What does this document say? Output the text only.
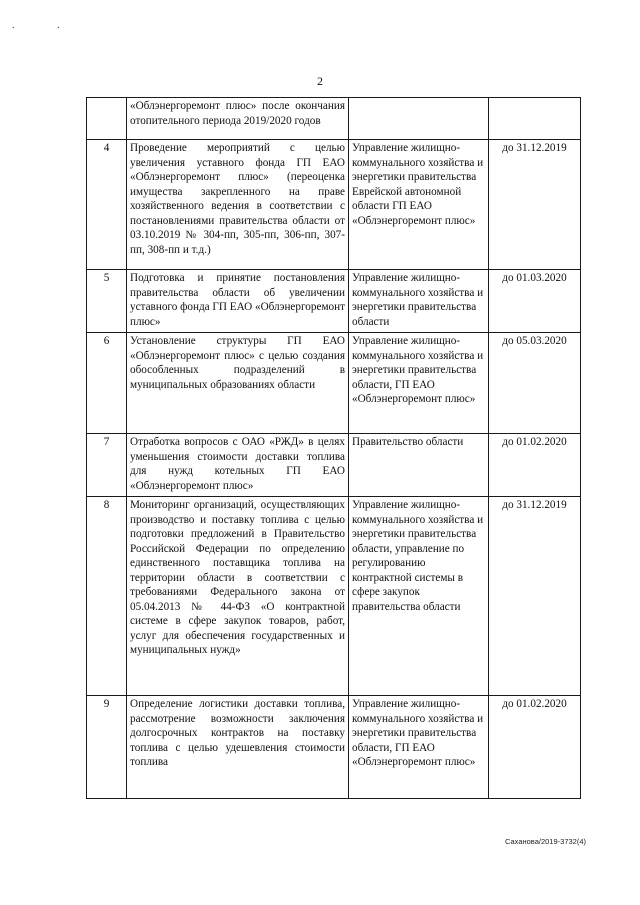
. .
2
	«Облэнергоремонт плюс» после окончания отопительного периода 2019/2020 годов		
4	Проведение мероприятий с целью увеличения уставного фонда ГП ЕАО «Облэнергоремонт плюс» (переоценка имущества закрепленного на праве хозяйственного ведения в соответствии с постановлениями правительства области от 03.10.2019 № 304-пп, 305-пп, 306-пп, 307-пп, 308-пп и т.д.)	Управление жилищно-коммунального хозяйства и энергетики правительства Еврейской автономной области ГП ЕАО «Облэнергоремонт плюс»	до 31.12.2019
5	Подготовка и принятие постановления правительства области об увеличении уставного фонда ГП ЕАО «Облэнергоремонт плюс»	Управление жилищно-коммунального хозяйства и энергетики правительства области	до 01.03.2020
6	Установление структуры ГП ЕАО «Облэнергоремонт плюс» с целью создания обособленных подразделений в муниципальных образованиях области	Управление жилищно-коммунального хозяйства и энергетики правительства области, ГП ЕАО «Облэнергоремонт плюс»	до 05.03.2020
7	Отработка вопросов с ОАО «РЖД» в целях уменьшения стоимости доставки топлива для нужд котельных ГП ЕАО «Облэнергоремонт плюс»	Правительство области	до 01.02.2020
8	Мониторинг организаций, осуществляющих производство и поставку топлива с целью подготовки предложений в Правительство Российской Федерации по определению единственного поставщика топлива на территории области в соответствии с требованиями Федерального закона от 05.04.2013 № 44-ФЗ «О контрактной системе в сфере закупок товаров, работ, услуг для обеспечения государственных и муниципальных нужд»	Управление жилищно-коммунального хозяйства и энергетики правительства области, управление по регулированию контрактной системы в сфере закупок правительства области	до 31.12.2019
9	Определение логистики доставки топлива, рассмотрение возможности заключения долгосрочных контрактов на поставку топлива с целью удешевления стоимости топлива	Управление жилищно-коммунального хозяйства и энергетики правительства области, ГП ЕАО «Облэнергоремонт плюс»	до 01.02.2020
Саханова/2019-3732(4)
